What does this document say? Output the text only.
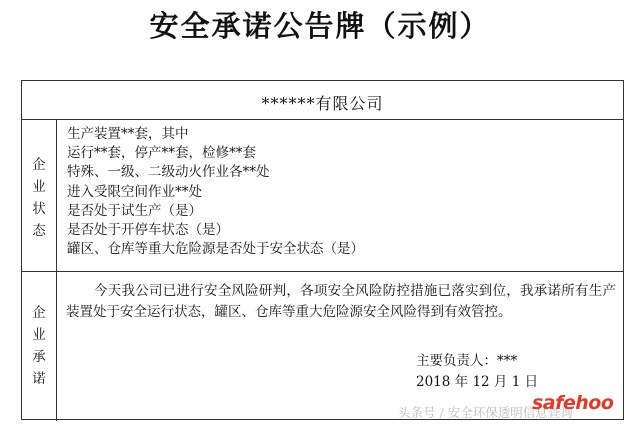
安全承诺公告牌（示例）
******有限公司
企
业
状
态
生产装置**套，其中
运行**套，停产**套，检修**套
特殊、一级、二级动火作业各**处
进入受限空间作业**处
是否处于试生产（是）
是否处于开停车状态（是）
罐区、仓库等重大危险源是否处于安全状态（是）
企
业
承
诺
今天我公司已进行安全风险研判，各项安全风险防控措施已落实到位，我承诺所有生产装置处于安全运行状态，罐区、仓库等重大危险源安全风险得到有效管控。
主要负责人：***
2018 年 12 月 1 日
头条号 / 安全环保透明信息查询
safehoo
